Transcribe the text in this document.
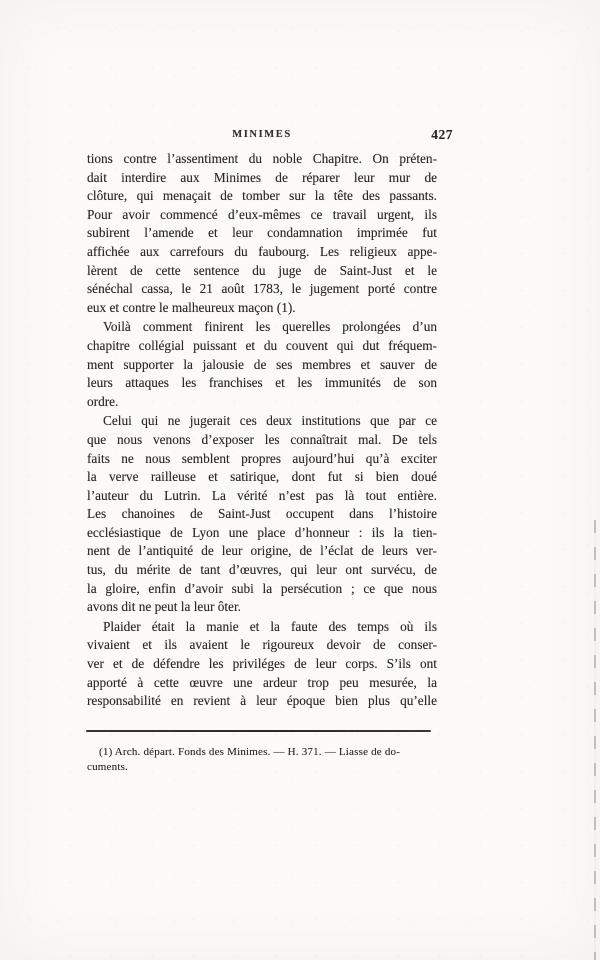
MINIMES	427

tions contre l’assentiment du noble Chapitre. On préten-
dait interdire aux Minimes de réparer leur mur de
clôture, qui menaçait de tomber sur la tête des passants.
Pour avoir commencé d’eux-mêmes ce travail urgent, ils
subirent l’amende et leur condamnation imprimée fut
affichée aux carrefours du faubourg. Les religieux appe-
lèrent de cette sentence du juge de Saint-Just et le
sénéchal cassa, le 21 août 1783, le jugement porté contre
eux et contre le malheureux maçon (1).

Voilà comment finirent les querelles prolongées d’un
chapitre collégial puissant et du couvent qui dut fréquem-
ment supporter la jalousie de ses membres et sauver de
leurs attaques les franchises et les immunités de son
ordre.

Celui qui ne jugerait ces deux institutions que par ce
que nous venons d’exposer les connaîtrait mal. De tels
faits ne nous semblent propres aujourd’hui qu’à exciter
la verve railleuse et satirique, dont fut si bien doué
l’auteur du Lutrin. La vérité n’est pas là tout entière.
Les chanoines de Saint-Just occupent dans l’histoire
ecclésiastique de Lyon une place d’honneur : ils la tien-
nent de l’antiquité de leur origine, de l’éclat de leurs ver-
tus, du mérite de tant d’œuvres, qui leur ont survécu, de
la gloire, enfin d’avoir subi la persécution ; ce que nous
avons dit ne peut la leur ôter.

Plaider était la manie et la faute des temps où ils
vivaient et ils avaient le rigoureux devoir de conser-
ver et de défendre les priviléges de leur corps. S’ils ont
apporté à cette œuvre une ardeur trop peu mesurée, la
responsabilité en revient à leur époque bien plus qu’elle

(1) Arch. départ. Fonds des Minimes. — H. 371. — Liasse de do-
cuments.
